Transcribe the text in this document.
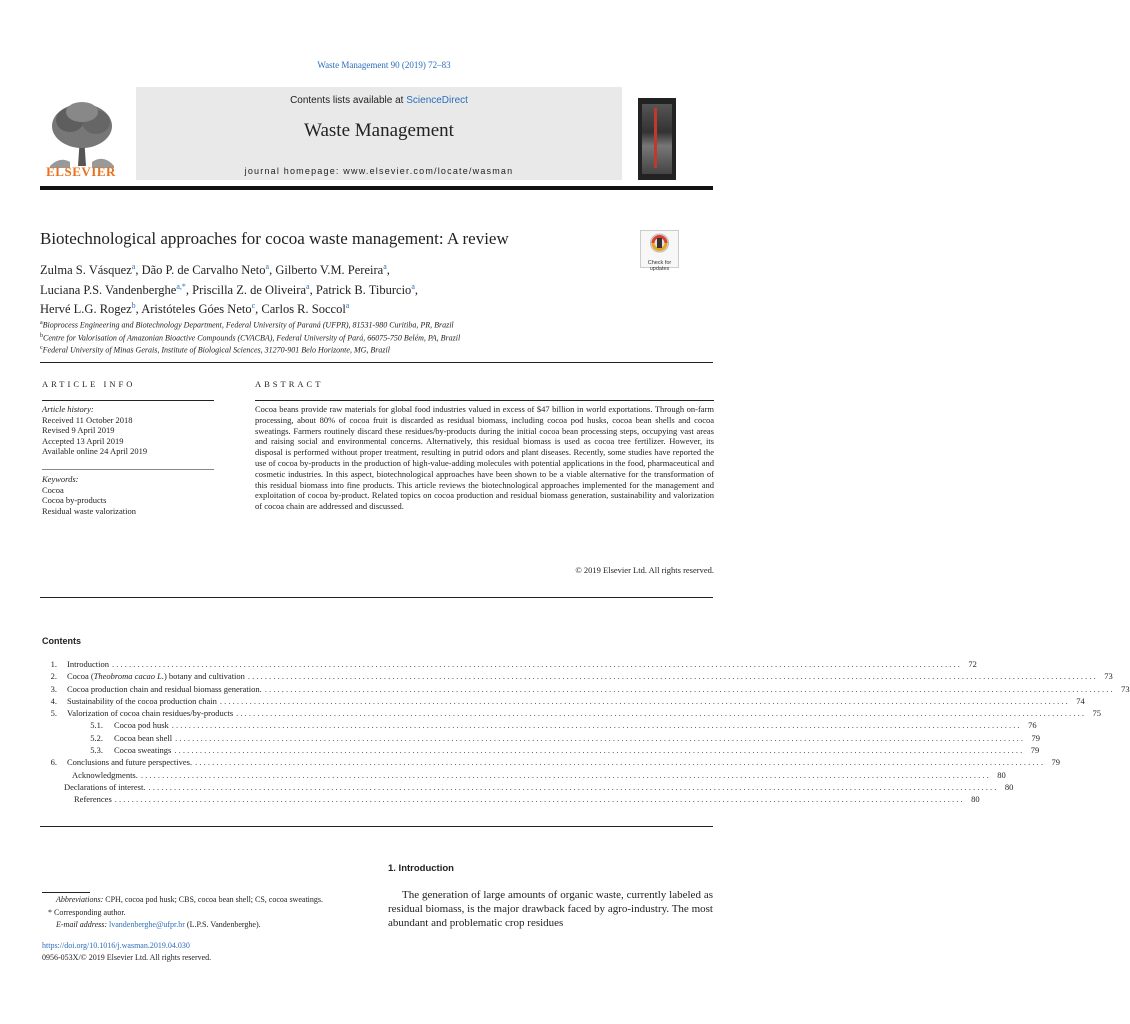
Waste Management 90 (2019) 72–83
ELSEVIER
Contents lists available at ScienceDirect
Waste Management
journal homepage: www.elsevier.com/locate/wasman
Biotechnological approaches for cocoa waste management: A review
Check for updates
Zulma S. Vásquez$^a$, Dão P. de Carvalho Neto$^a$, Gilberto V.M. Pereira$^a$,
Luciana P.S. Vandenberghe$^{a,*}$, Priscilla Z. de Oliveira$^a$, Patrick B. Tiburcio$^a$,
Hervé L.G. Rogez$^b$, Aristóteles Góes Neto$^c$, Carlos R. Soccol$^a$
$^a$Bioprocess Engineering and Biotechnology Department, Federal University of Paraná (UFPR), 81531-980 Curitiba, PR, Brazil
$^b$Centre for Valorisation of Amazonian Bioactive Compounds (CVACBA), Federal University of Pará, 66075-750 Belém, PA, Brazil
$^c$Federal University of Minas Gerais, Institute of Biological Sciences, 31270-901 Belo Horizonte, MG, Brazil
ARTICLE INFO
Article history:
Received 11 October 2018
Revised 9 April 2019
Accepted 13 April 2019
Available online 24 April 2019
Keywords:
Cocoa
Cocoa by-products
Residual waste valorization
ABSTRACT
Cocoa beans provide raw materials for global food industries valued in excess of $47 billion in world exportations. Through on-farm processing, about 80% of cocoa fruit is discarded as residual biomass, including cocoa pod husks, cocoa bean shells and cocoa sweatings. Farmers routinely discard these residues/by-products during the initial cocoa bean processing steps, occupying vast areas and raising social and environmental concerns. Alternatively, this residual biomass is used as cocoa tree fertilizer. However, its disposal is performed without proper treatment, resulting in putrid odors and plant diseases. Recently, some studies have reported the use of cocoa by-products in the production of high-value-adding molecules with potential applications in the food, pharmaceutical and cosmetic industries. In this aspect, biotechnological approaches have been shown to be a viable alternative for the transformation of this residual biomass into fine products. This article reviews the biotechnological approaches implemented for the management and exploitation of cocoa by-product. Related topics on cocoa production and residual biomass generation, sustainability and valorization of cocoa chain are addressed and discussed.
© 2019 Elsevier Ltd. All rights reserved.
Contents
1.	Introduction . . . . . . . . . . . . . . . . . . . . . . . . . . . . . . . . . . . . . . . . . . . . . . . . . . . . . . . . . . . . . . . . . . . . . . . . . . . . . . . . . . . . . . . . . . . . . . . . . . . . . . . . . . . . . . . . . . . . . . . . . . . . . . . . . . . . . . . . . . . . . . . . . . . . . . . . . . . . . . . . . . . . . . . . . . . . . . . . . . . . . . . . . . . . . . . . . . . . . . . .	72
2.	Cocoa (Theobroma cacao L.) botany and cultivation . . . . . . . . . . . . . . . . . . . . . . . . . . . . . . . . . . . . . . . . . . . . . . . . . . . . . . . . . . . . . . . . . . . . . . . . . . . . . . . . . . . . . . . . . . . . . . . . . . . . . . . . . . . . . . . . . . . . . . . . . . . . . . . . . . . . . . . . . . . . . . . . . . . . . . . . . . . . . . . . . . . . . . . . . . . . . . . . . . . . . . . . . . . . . . . . . . . . . . . .	73
3.	Cocoa production chain and residual biomass generation. . . . . . . . . . . . . . . . . . . . . . . . . . . . . . . . . . . . . . . . . . . . . . . . . . . . . . . . . . . . . . . . . . . . . . . . . . . . . . . . . . . . . . . . . . . . . . . . . . . . . . . . . . . . . . . . . . . . . . . . . . . . . . . . . . . . . . . . . . . . . . . . . . . . . . . . . . . . . . . . . . . . . . . . . . . . . . . . . . . . . . . . . . . . . . . . . . . . . . . . .	73
4.	Sustainability of the cocoa production chain . . . . . . . . . . . . . . . . . . . . . . . . . . . . . . . . . . . . . . . . . . . . . . . . . . . . . . . . . . . . . . . . . . . . . . . . . . . . . . . . . . . . . . . . . . . . . . . . . . . . . . . . . . . . . . . . . . . . . . . . . . . . . . . . . . . . . . . . . . . . . . . . . . . . . . . . . . . . . . . . . . . . . . . . . . . . . . . . . . . . . . . . . . . . . . . . . . . . . . . .	74
5.	Valorization of cocoa chain residues/by-products . . . . . . . . . . . . . . . . . . . . . . . . . . . . . . . . . . . . . . . . . . . . . . . . . . . . . . . . . . . . . . . . . . . . . . . . . . . . . . . . . . . . . . . . . . . . . . . . . . . . . . . . . . . . . . . . . . . . . . . . . . . . . . . . . . . . . . . . . . . . . . . . . . . . . . . . . . . . . . . . . . . . . . . . . . . . . . . . . . . . . . . . . . . . . . . . . . . . . . . .	75
5.1.	Cocoa pod husk . . . . . . . . . . . . . . . . . . . . . . . . . . . . . . . . . . . . . . . . . . . . . . . . . . . . . . . . . . . . . . . . . . . . . . . . . . . . . . . . . . . . . . . . . . . . . . . . . . . . . . . . . . . . . . . . . . . . . . . . . . . . . . . . . . . . . . . . . . . . . . . . . . . . . . . . . . . . . . . . . . . . . . . . . . . . . . . . . . . . . . . . . . . . . . . . . . . . . . . .	76
5.2.	Cocoa bean shell . . . . . . . . . . . . . . . . . . . . . . . . . . . . . . . . . . . . . . . . . . . . . . . . . . . . . . . . . . . . . . . . . . . . . . . . . . . . . . . . . . . . . . . . . . . . . . . . . . . . . . . . . . . . . . . . . . . . . . . . . . . . . . . . . . . . . . . . . . . . . . . . . . . . . . . . . . . . . . . . . . . . . . . . . . . . . . . . . . . . . . . . . . . . . . . . . . . . . . . .	79
5.3.	Cocoa sweatings . . . . . . . . . . . . . . . . . . . . . . . . . . . . . . . . . . . . . . . . . . . . . . . . . . . . . . . . . . . . . . . . . . . . . . . . . . . . . . . . . . . . . . . . . . . . . . . . . . . . . . . . . . . . . . . . . . . . . . . . . . . . . . . . . . . . . . . . . . . . . . . . . . . . . . . . . . . . . . . . . . . . . . . . . . . . . . . . . . . . . . . . . . . . . . . . . . . . . . . .	79
6.	Conclusions and future perspectives. . . . . . . . . . . . . . . . . . . . . . . . . . . . . . . . . . . . . . . . . . . . . . . . . . . . . . . . . . . . . . . . . . . . . . . . . . . . . . . . . . . . . . . . . . . . . . . . . . . . . . . . . . . . . . . . . . . . . . . . . . . . . . . . . . . . . . . . . . . . . . . . . . . . . . . . . . . . . . . . . . . . . . . . . . . . . . . . . . . . . . . . . . . . . . . . . . . . . . . . .	79
Acknowledgments. . . . . . . . . . . . . . . . . . . . . . . . . . . . . . . . . . . . . . . . . . . . . . . . . . . . . . . . . . . . . . . . . . . . . . . . . . . . . . . . . . . . . . . . . . . . . . . . . . . . . . . . . . . . . . . . . . . . . . . . . . . . . . . . . . . . . . . . . . . . . . . . . . . . . . . . . . . . . . . . . . . . . . . . . . . . . . . . . . . . . . . . . . . . . . . . . . . . . . . . .	80
Declarations of interest. . . . . . . . . . . . . . . . . . . . . . . . . . . . . . . . . . . . . . . . . . . . . . . . . . . . . . . . . . . . . . . . . . . . . . . . . . . . . . . . . . . . . . . . . . . . . . . . . . . . . . . . . . . . . . . . . . . . . . . . . . . . . . . . . . . . . . . . . . . . . . . . . . . . . . . . . . . . . . . . . . . . . . . . . . . . . . . . . . . . . . . . . . . . . . . . . . . . . . . . .	80
References . . . . . . . . . . . . . . . . . . . . . . . . . . . . . . . . . . . . . . . . . . . . . . . . . . . . . . . . . . . . . . . . . . . . . . . . . . . . . . . . . . . . . . . . . . . . . . . . . . . . . . . . . . . . . . . . . . . . . . . . . . . . . . . . . . . . . . . . . . . . . . . . . . . . . . . . . . . . . . . . . . . . . . . . . . . . . . . . . . . . . . . . . . . . . . . . . . . . . . . .	80
1. Introduction
The generation of large amounts of organic waste, currently labeled as residual biomass, is the major drawback faced by agro-industry. The most abundant and problematic crop residues
Abbreviations: CPH, cocoa pod husk; CBS, cocoa bean shell; CS, cocoa sweatings.
* Corresponding author.
E-mail address: lvandenberghe@ufpr.br (L.P.S. Vandenberghe).
https://doi.org/10.1016/j.wasman.2019.04.030
0956-053X/© 2019 Elsevier Ltd. All rights reserved.
